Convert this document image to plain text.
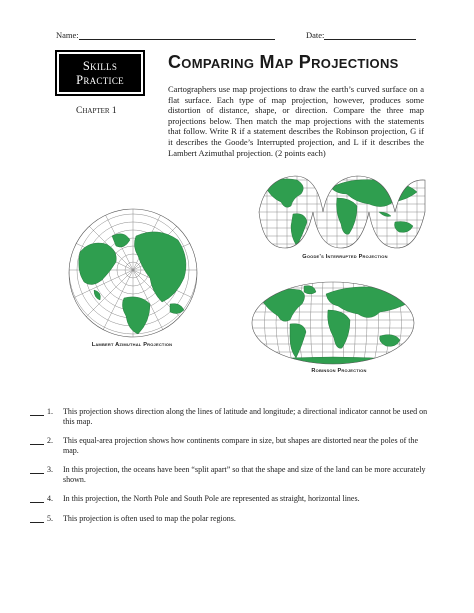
Name:	Date:
Skills
Practice
Chapter 1
Comparing Map Projections
Cartographers use map projections to draw the earth’s curved surface on a flat surface. Each type of map projection, however, produces some distortion of distance, shape, or direction. Compare the three map projections below. Then match the map projections with the statements that follow. Write R if a statement describes the Robinson projection, G if it describes the Goode’s Interrupted projection, and L if it describes the Lambert Azimuthal projection. (2 points each)
Goode’s Interrupted Projection
Lambert Azimuthal Projection
Robinson Projection
1.	This projection shows direction along the lines of latitude and longitude; a directional indicator cannot be used on this map.
2.	This equal-area projection shows how continents compare in size, but shapes are distorted near the poles of the map.
3.	In this projection, the oceans have been “split apart” so that the shape and size of the land can be more accurately shown.
4.	In this projection, the North Pole and South Pole are represented as straight, horizontal lines.
5.	This projection is often used to map the polar regions.
